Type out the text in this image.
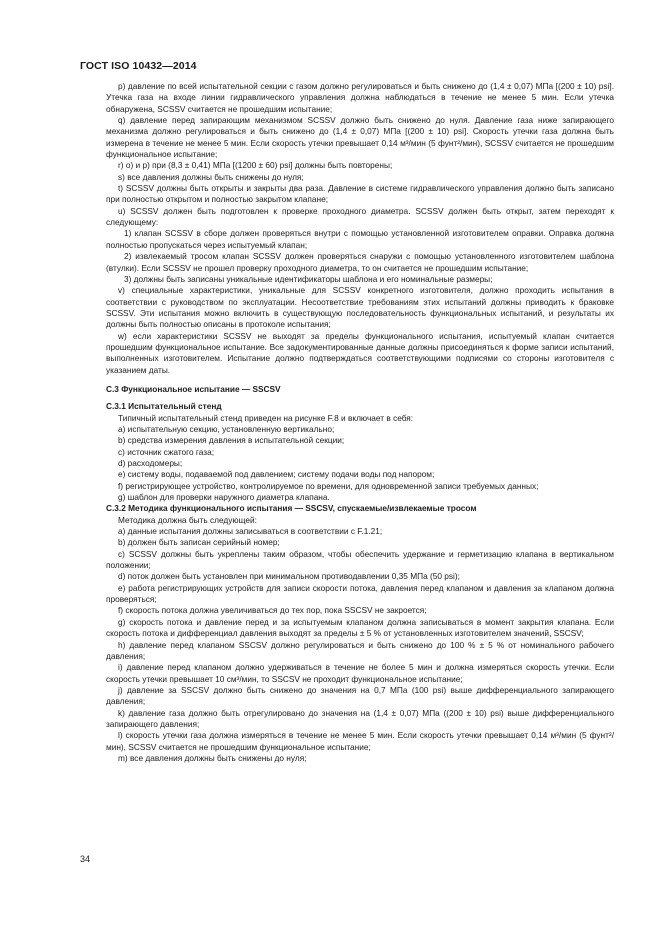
ГОСТ ISO 10432—2014

p) давление по всей испытательной секции с газом должно регулироваться и быть снижено до (1,4 ± 0,07) МПа [(200 ± 10) psi]. Утечка газа на входе линии гидравлического управления должна наблюдаться в течение не менее 5 мин. Если утечка обнаружена, SCSSV считается не прошедшим испытание;

q) давление перед запирающим механизмом SCSSV должно быть снижено до нуля. Давление газа ниже запирающего механизма должно регулироваться и быть снижено до (1,4 ± 0,07) МПа [(200 ± 10) psi]. Скорость утечки газа должна быть измерена в течение не менее 5 мин. Если скорость утечки превышает 0,14 м³/мин (5 фунт²/мин), SCSSV считается не прошедшим функциональное испытание;

r) o) и p) при (8,3 ± 0,41) МПа [(1200 ± 60) psi] должны быть повторены;

s) все давления должны быть снижены до нуля;

t) SCSSV должны быть открыты и закрыты два раза. Давление в системе гидравлического управления должно быть записано при полностью открытом и полностью закрытом клапане;

u) SCSSV должен быть подготовлен к проверке проходного диаметра. SCSSV должен быть открыт, затем переходят к следующему:

1) клапан SCSSV в сборе должен проверяться внутри с помощью установленной изготовителем оправки. Оправка должна полностью пропускаться через испытуемый клапан;

2) извлекаемый тросом клапан SCSSV должен проверяться снаружи с помощью установленного изготовителем шаблона (втулки). Если SCSSV не прошел проверку проходного диаметра, то он считается не прошедшим испытание;

3) должны быть записаны уникальные идентификаторы шаблона и его номинальные размеры;

v) специальные характеристики, уникальные для SCSSV конкретного изготовителя, должно проходить испытания в соответствии с руководством по эксплуатации. Несоответствие требованиям этих испытаний должны приводить к браковке SCSSV. Эти испытания можно включить в существующую последовательность функциональных испытаний, и результаты их должны быть полностью описаны в протоколе испытания;

w) если характеристики SCSSV не выходят за пределы функционального испытания, испытуемый клапан считается прошедшим функциональное испытание. Все задокументированные данные должны присоединяться к форме записи испытаний, выполненных изготовителем. Испытание должно подтверждаться соответствующими подписями со стороны изготовителя с указанием даты.

С.3 Функциональное испытание — SSCSV

С.3.1 Испытательный стенд

Типичный испытательный стенд приведен на рисунке F.8 и включает в себя:

a) испытательную секцию, установленную вертикально;

b) средства измерения давления в испытательной секции;

c) источник сжатого газа;

d) расходомеры;

e) систему воды, подаваемой под давлением; систему подачи воды под напором;

f) регистрирующее устройство, контролируемое по времени, для одновременной записи требуемых данных;

g) шаблон для проверки наружного диаметра клапана.

С.3.2 Методика функционального испытания — SSCSV, спускаемые/извлекаемые тросом

Методика должна быть следующей:

a) данные испытания должны записываться в соответствии с F.1.21;

b) должен быть записан серийный номер;

c) SCSSV должны быть укреплены таким образом, чтобы обеспечить удержание и герметизацию клапана в вертикальном положении;

d) поток должен быть установлен при минимальном противодавлении 0,35 МПа (50 psi);

e) работа регистрирующих устройств для записи скорости потока, давления перед клапаном и давления за клапаном должна проверяться;

f) скорость потока должна увеличиваться до тех пор, пока SSCSV не закроется;

g) скорость потока и давление перед и за испытуемым клапаном должна записываться в момент закрытия клапана. Если скорость потока и дифференциал давления выходят за пределы ± 5 % от установленных изготовителем значений, SSCSV;

h) давление перед клапаном SSCSV должно регулироваться и быть снижено до 100 % ± 5 % от номинального рабочего давления;

i) давление перед клапаном должно удерживаться в течение не более 5 мин и должна измеряться скорость утечки. Если скорость утечки превышает 10 см³/мин, то SSCSV не проходит функциональное испытание;

j) давление за SSCSV должно быть снижено до значения на 0,7 МПа (100 psi) выше дифференциального запирающего давления;

k) давление газа должно быть отрегулировано до значения на (1,4 ± 0,07) МПа ((200 ± 10) psi) выше дифференциального запирающего давления;

l) скорость утечки газа должна измеряться в течение не менее 5 мин. Если скорость утечки превышает 0,14 м³/мин (5 фунт²/мин), SCSSV считается не прошедшим функциональное испытание;

m) все давления должны быть снижены до нуля;

34
